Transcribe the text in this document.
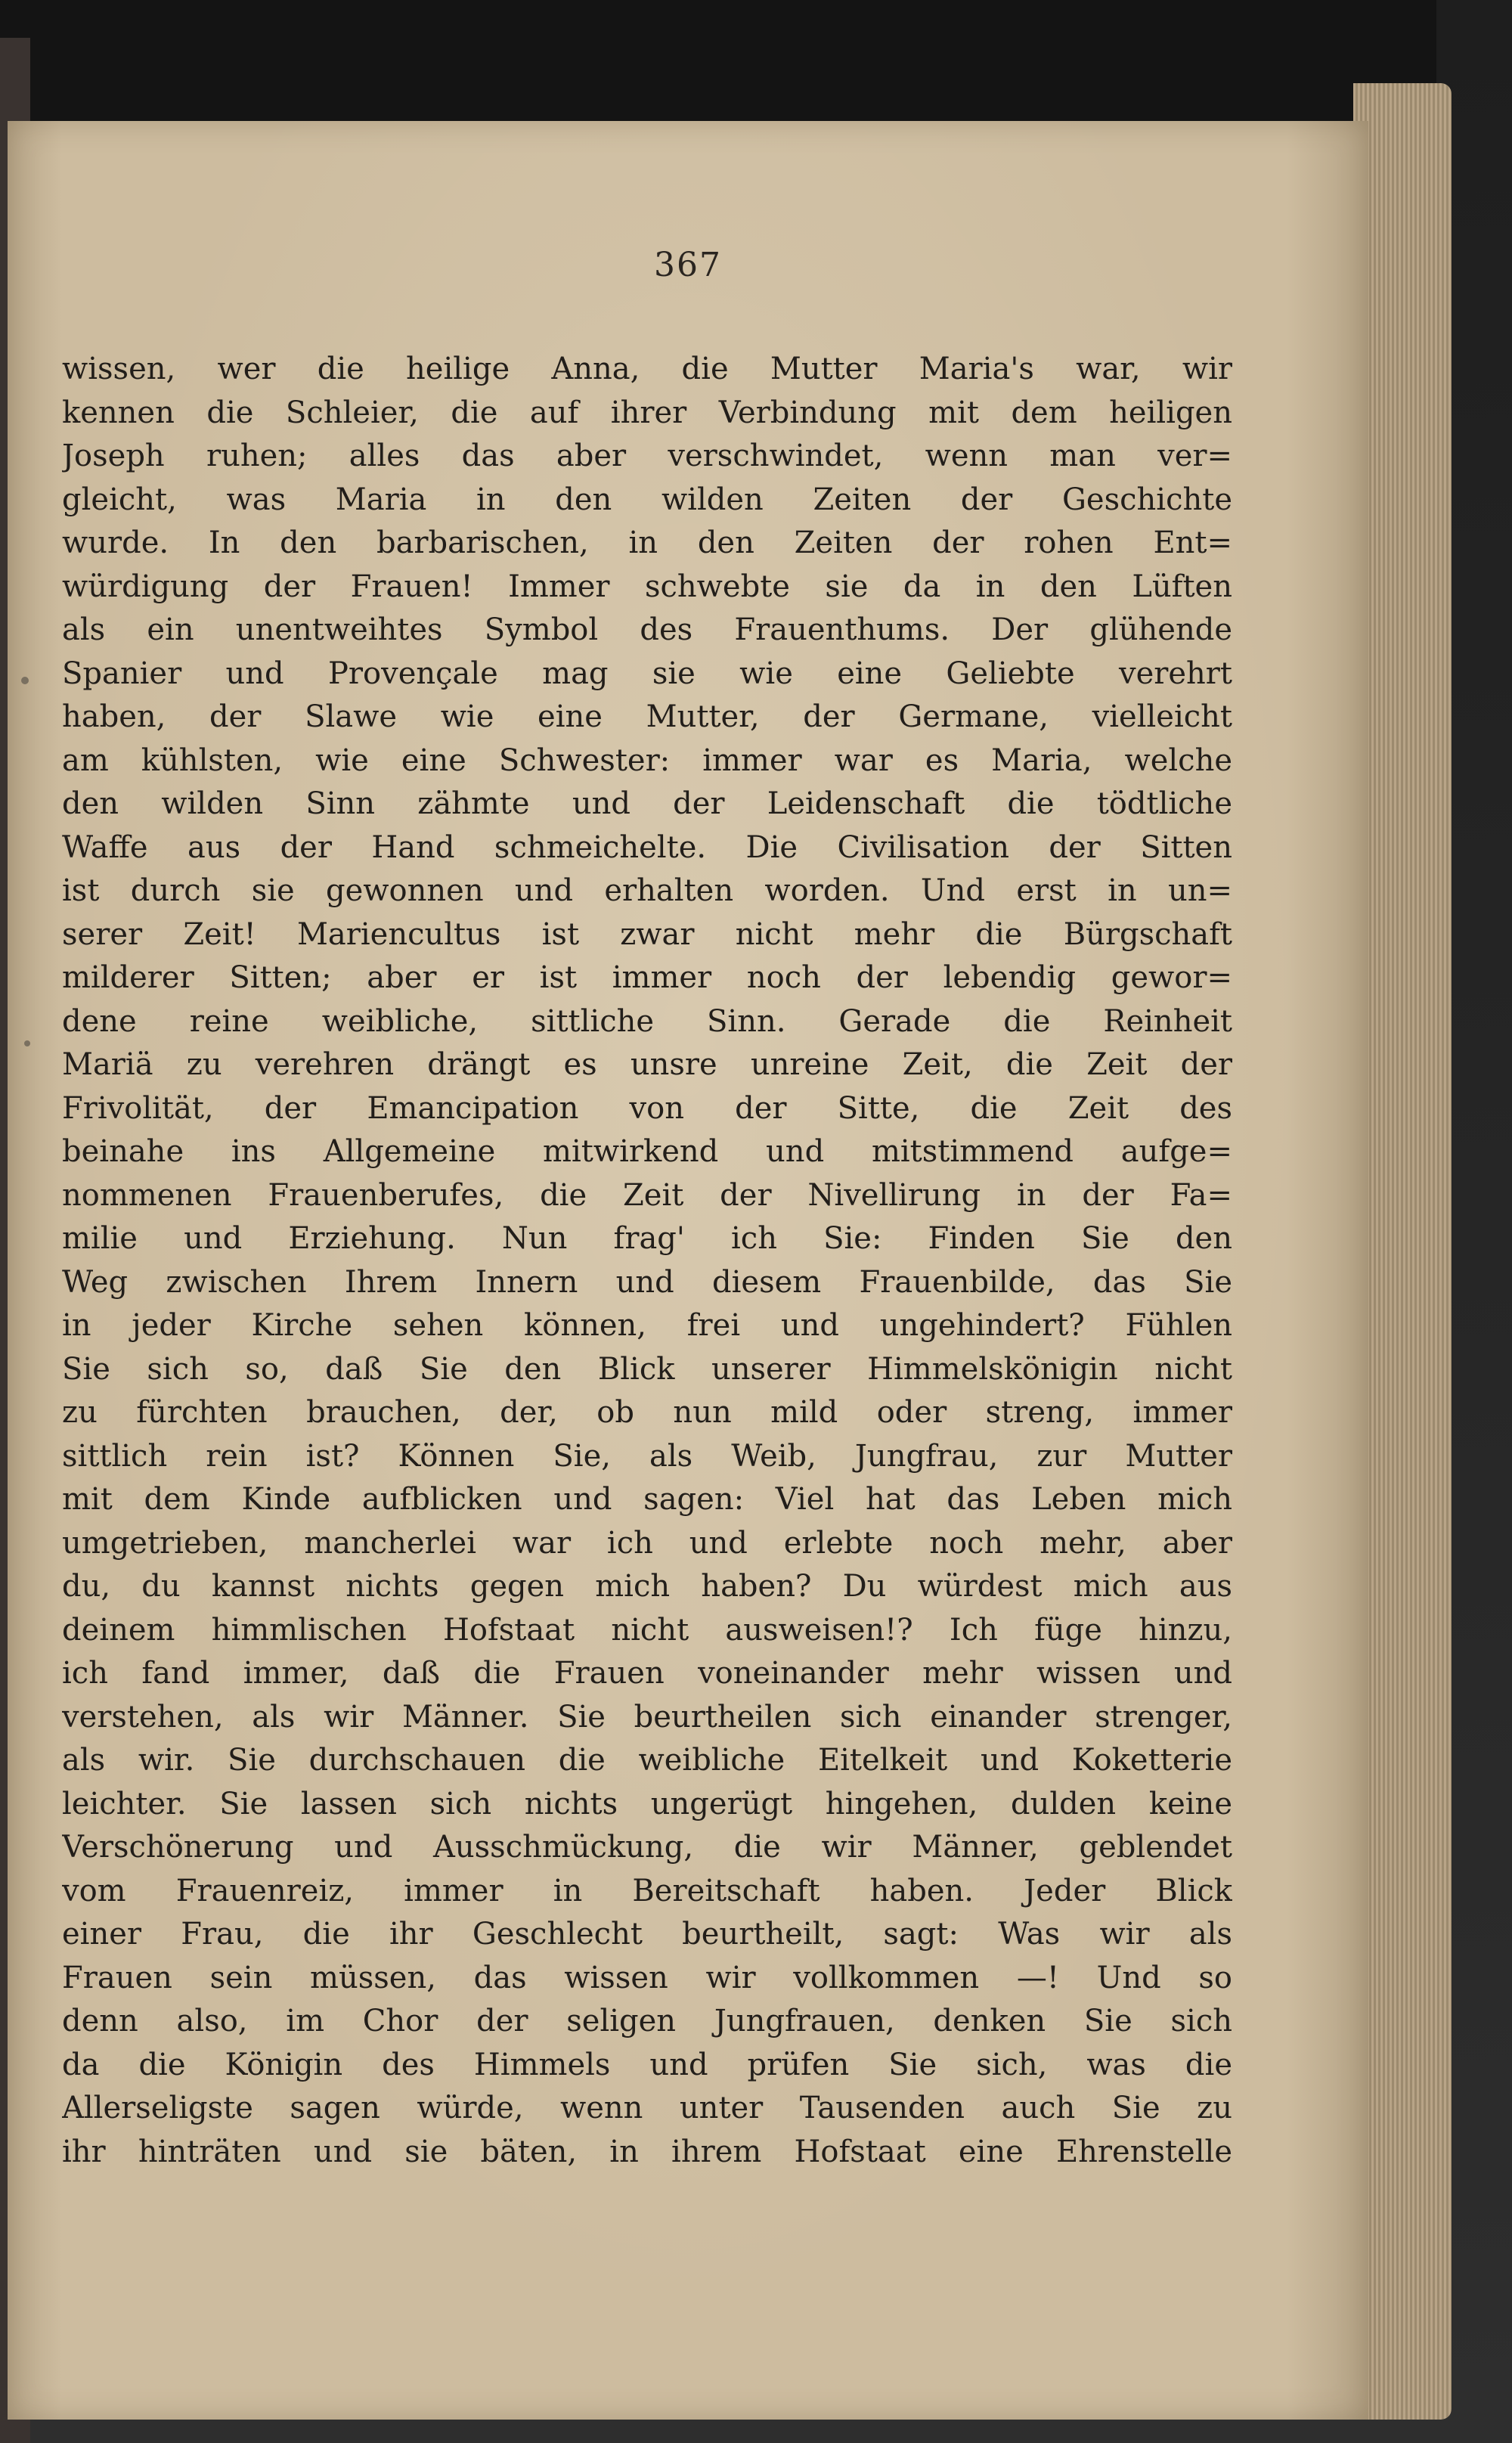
367
wissen, wer die heilige Anna, die Mutter Maria's war, wir
kennen die Schleier, die auf ihrer Verbindung mit dem heiligen
Joseph ruhen; alles das aber verschwindet, wenn man ver=
gleicht, was Maria in den wilden Zeiten der Geschichte
wurde. In den barbarischen, in den Zeiten der rohen Ent=
würdigung der Frauen! Immer schwebte sie da in den Lüften
als ein unentweihtes Symbol des Frauenthums. Der glühende
Spanier und Provençale mag sie wie eine Geliebte verehrt
haben, der Slawe wie eine Mutter, der Germane, vielleicht
am kühlsten, wie eine Schwester: immer war es Maria, welche
den wilden Sinn zähmte und der Leidenschaft die tödtliche
Waffe aus der Hand schmeichelte. Die Civilisation der Sitten
ist durch sie gewonnen und erhalten worden. Und erst in un=
serer Zeit! Mariencultus ist zwar nicht mehr die Bürgschaft
milderer Sitten; aber er ist immer noch der lebendig gewor=
dene reine weibliche, sittliche Sinn. Gerade die Reinheit
Mariä zu verehren drängt es unsre unreine Zeit, die Zeit der
Frivolität, der Emancipation von der Sitte, die Zeit des
beinahe ins Allgemeine mitwirkend und mitstimmend aufge=
nommenen Frauenberufes, die Zeit der Nivellirung in der Fa=
milie und Erziehung. Nun frag' ich Sie: Finden Sie den
Weg zwischen Ihrem Innern und diesem Frauenbilde, das Sie
in jeder Kirche sehen können, frei und ungehindert? Fühlen
Sie sich so, daß Sie den Blick unserer Himmelskönigin nicht
zu fürchten brauchen, der, ob nun mild oder streng, immer
sittlich rein ist? Können Sie, als Weib, Jungfrau, zur Mutter
mit dem Kinde aufblicken und sagen: Viel hat das Leben mich
umgetrieben, mancherlei war ich und erlebte noch mehr, aber
du, du kannst nichts gegen mich haben? Du würdest mich aus
deinem himmlischen Hofstaat nicht ausweisen!? Ich füge hinzu,
ich fand immer, daß die Frauen voneinander mehr wissen und
verstehen, als wir Männer. Sie beurtheilen sich einander strenger,
als wir. Sie durchschauen die weibliche Eitelkeit und Koketterie
leichter. Sie lassen sich nichts ungerügt hingehen, dulden keine
Verschönerung und Ausschmückung, die wir Männer, geblendet
vom Frauenreiz, immer in Bereitschaft haben. Jeder Blick
einer Frau, die ihr Geschlecht beurtheilt, sagt: Was wir als
Frauen sein müssen, das wissen wir vollkommen —! Und so
denn also, im Chor der seligen Jungfrauen, denken Sie sich
da die Königin des Himmels und prüfen Sie sich, was die
Allerseligste sagen würde, wenn unter Tausenden auch Sie zu
ihr hinträten und sie bäten, in ihrem Hofstaat eine Ehrenstelle
